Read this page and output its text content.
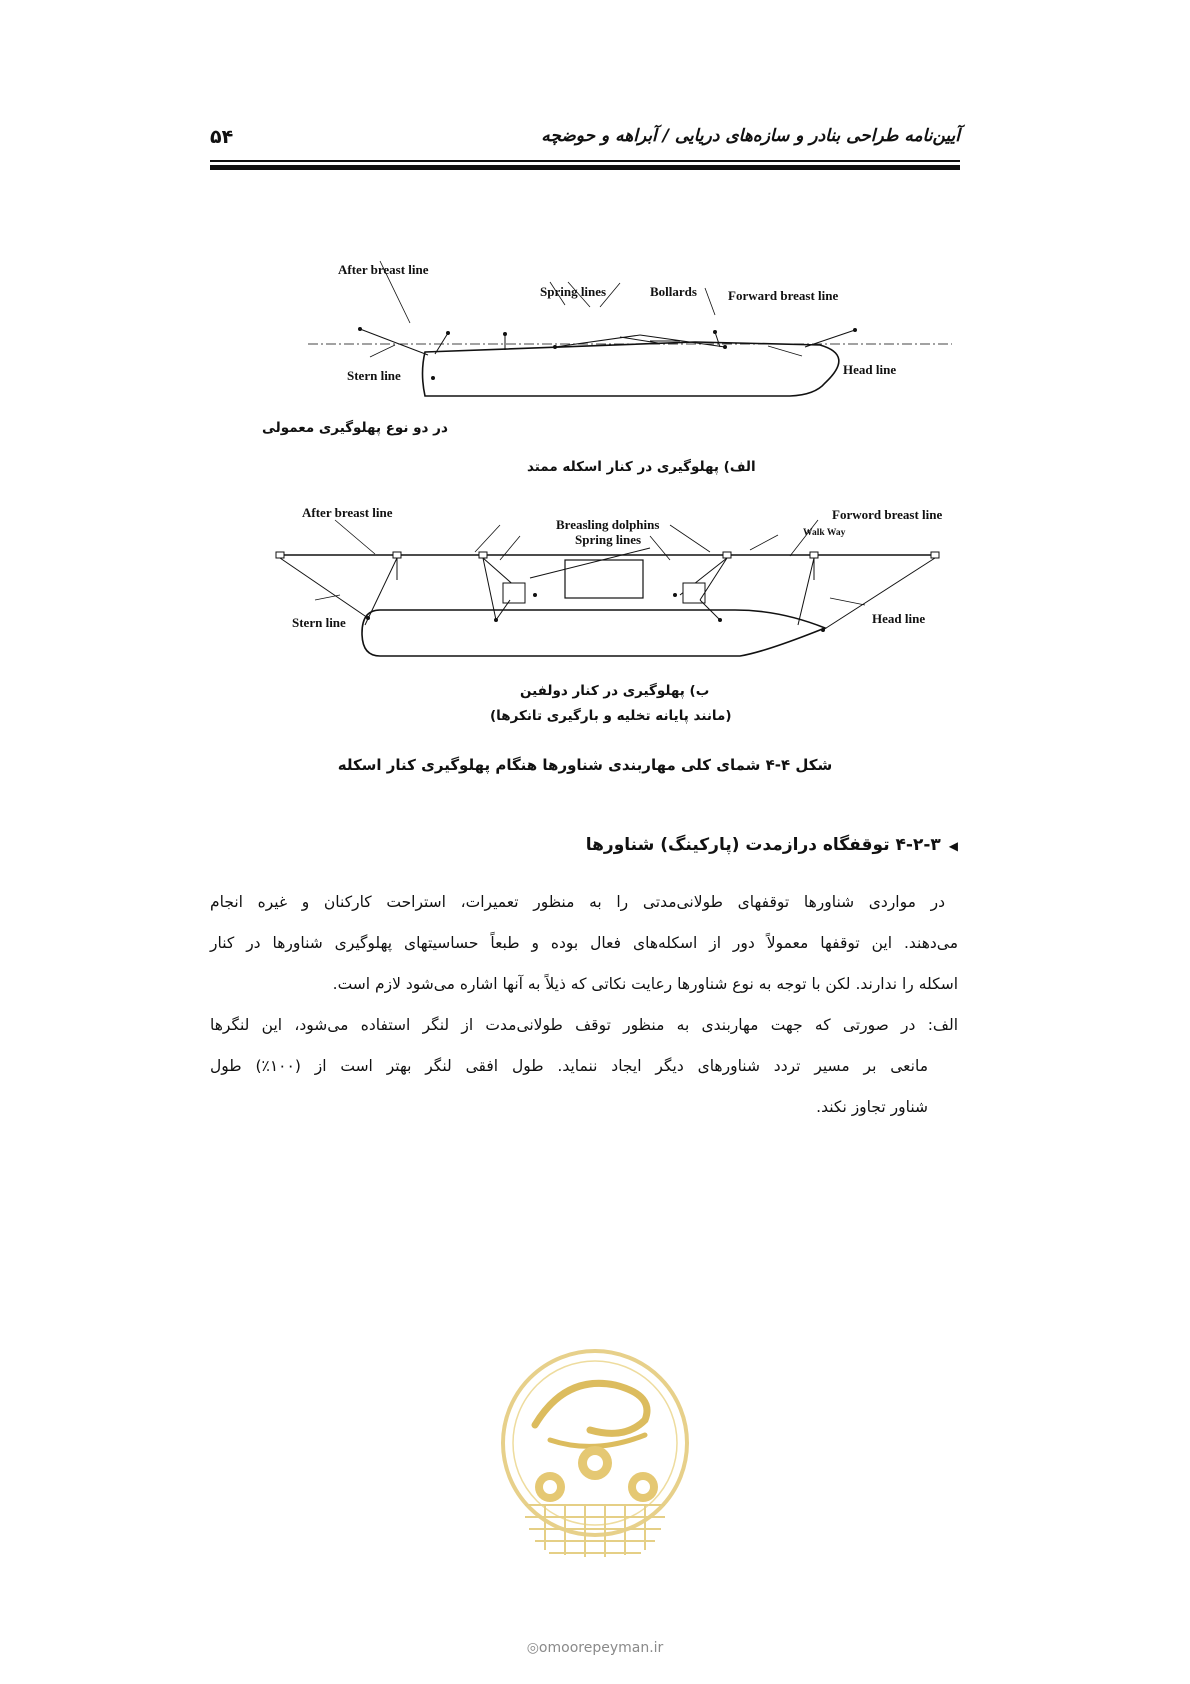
۵۴	آیین‌نامه طراحی بنادر و سازه‌های دریایی / آبراهه و حوضچه
After breast line
Spring lines	Bollards Forward breast line
Stern line	Head line
در دو نوع پهلوگیری معمولی
الف) پهلوگیری در کنار اسکله ممتد
After breast line
Breasling dolphins
Spring lines
Forword breast line
Walk Way
Stern line	Head line
ب) پهلوگیری در کنار دولفین
(مانند پایانه تخلیه و بارگیری تانکرها)
شکل ۴-۴ شمای کلی مهاربندی شناورها هنگام پهلوگیری کنار اسکله
◀۴-۲-۳ توقفگاه درازمدت (پارکینگ) شناورها
در مواردی شناورها توقفهای طولانی‌مدتی را به منظور تعمیرات، استراحت کارکنان و غیره انجام
می‌دهند. این توقفها معمولاً دور از اسکله‌های فعال بوده و طبعاً حساسیتهای پهلوگیری شناورها در کنار
اسکله را ندارند. لکن با توجه به نوع شناورها رعایت نکاتی که ذیلاً به آنها اشاره می‌شود لازم است.
الف: در صورتی که جهت مهاربندی به منظور توقف طولانی‌مدت از لنگر استفاده می‌شود، این لنگرها
مانعی بر مسیر تردد شناورهای دیگر ایجاد ننماید. طول افقی لنگر بهتر است از (۱۰۰٪) طول
شناور تجاوز نکند.
◎omoorepeyman.ir
